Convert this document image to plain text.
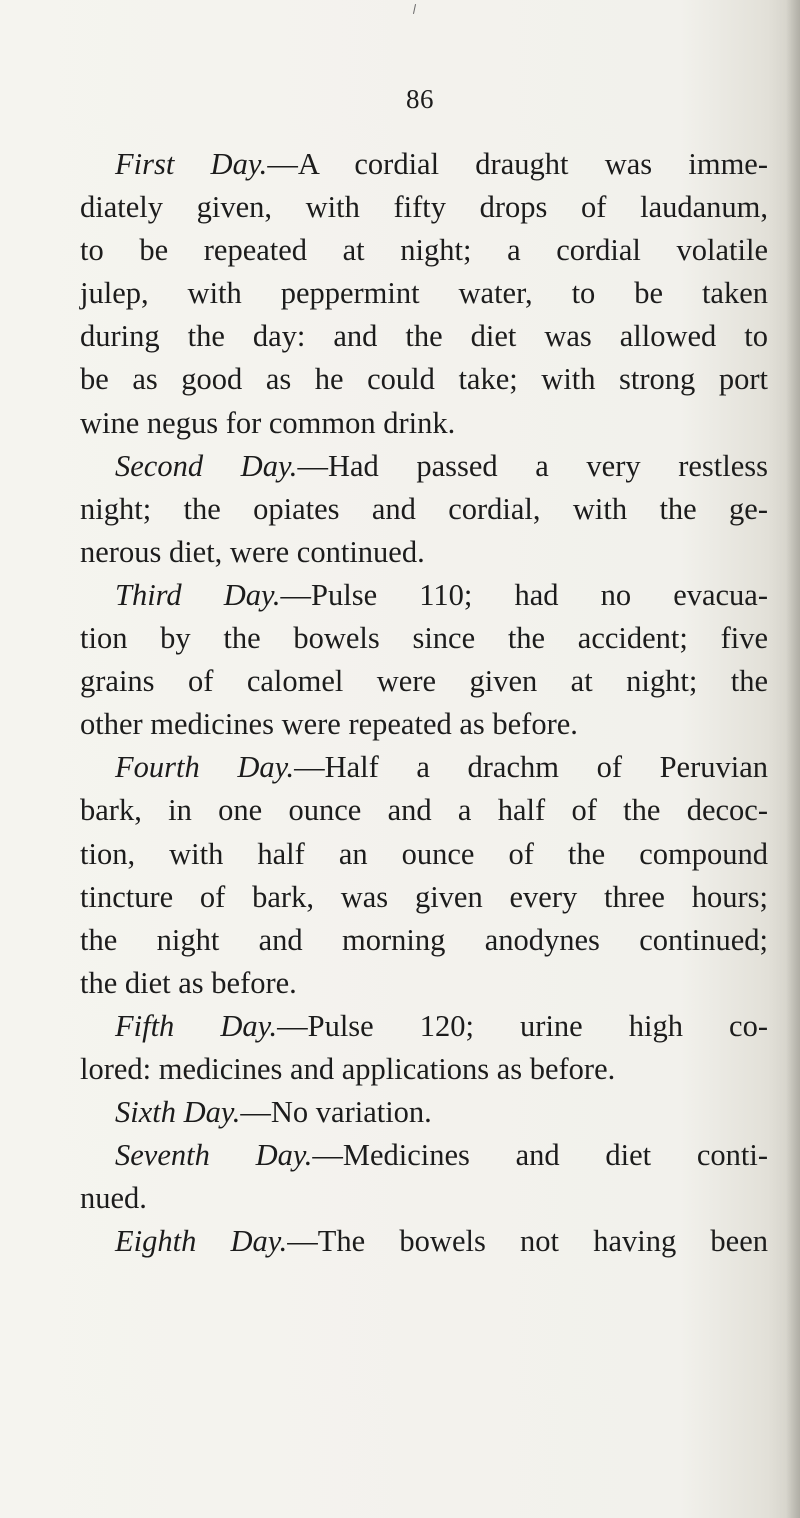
86
First Day.—A cordial draught was imme-
diately given, with fifty drops of laudanum,
to be repeated at night; a cordial volatile
julep, with peppermint water, to be taken
during the day: and the diet was allowed to
be as good as he could take; with strong port
wine negus for common drink.
Second Day.—Had passed a very restless
night; the opiates and cordial, with the ge-
nerous diet, were continued.
Third Day.—Pulse 110; had no evacua-
tion by the bowels since the accident; five
grains of calomel were given at night; the
other medicines were repeated as before.
Fourth Day.—Half a drachm of Peruvian
bark, in one ounce and a half of the decoc-
tion, with half an ounce of the compound
tincture of bark, was given every three hours;
the night and morning anodynes continued;
the diet as before.
Fifth Day.—Pulse 120; urine high co-
lored: medicines and applications as before.
Sixth Day.—No variation.
Seventh Day.—Medicines and diet conti-
nued.
Eighth Day.—The bowels not having been
